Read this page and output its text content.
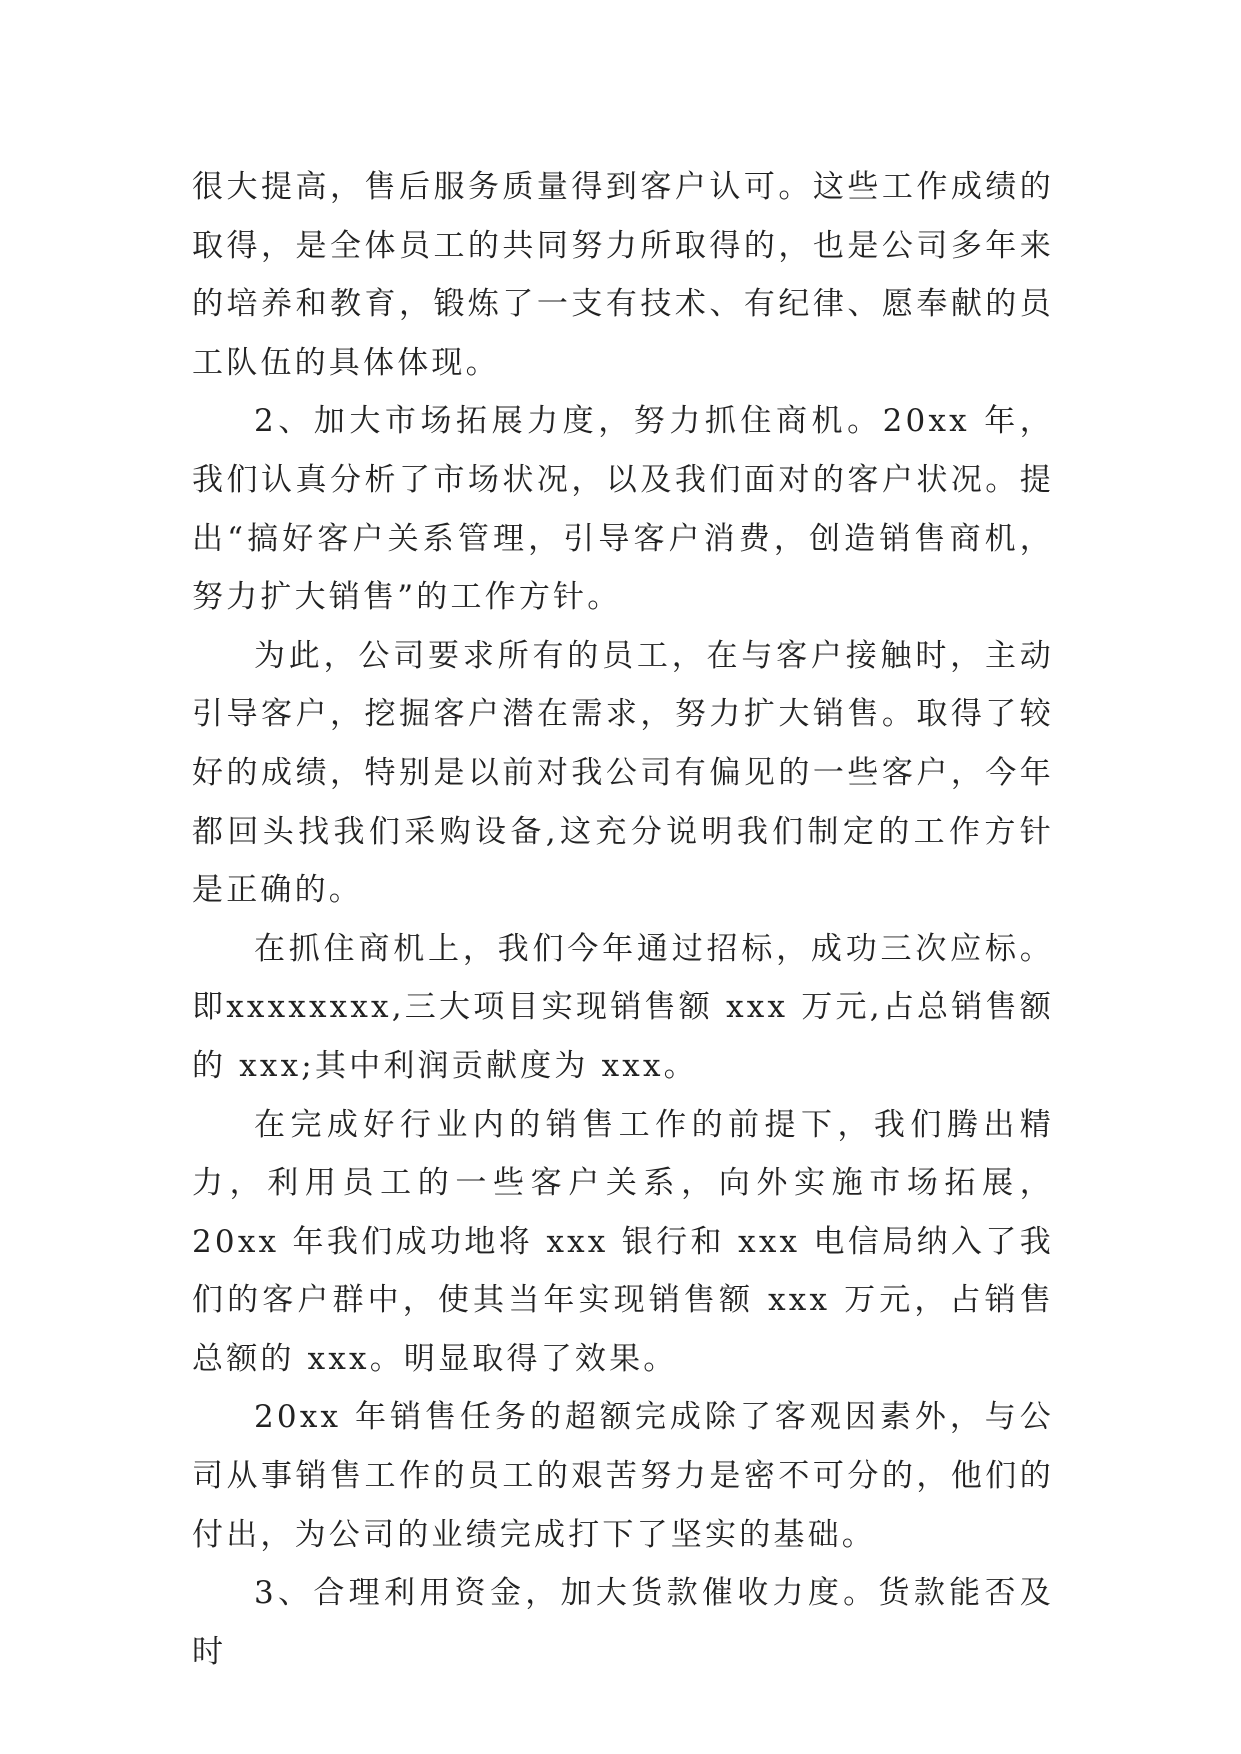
很大提高，售后服务质量得到客户认可。这些工作成绩的取得，是全体员工的共同努力所取得的，也是公司多年来的培养和教育，锻炼了一支有技术、有纪律、愿奉献的员工队伍的具体体现。

2、加大市场拓展力度，努力抓住商机。20xx 年，我们认真分析了市场状况，以及我们面对的客户状况。提出“搞好客户关系管理，引导客户消费，创造销售商机，努力扩大销售”的工作方针。

为此，公司要求所有的员工，在与客户接触时，主动引导客户，挖掘客户潜在需求，努力扩大销售。取得了较好的成绩，特别是以前对我公司有偏见的一些客户，今年都回头找我们采购设备,这充分说明我们制定的工作方针是正确的。

在抓住商机上，我们今年通过招标，成功三次应标。即xxxxxxxx,三大项目实现销售额 xxx 万元,占总销售额的 xxx;其中利润贡献度为 xxx。

在完成好行业内的销售工作的前提下，我们腾出精力，利用员工的一些客户关系，向外实施市场拓展，20xx 年我们成功地将 xxx 银行和 xxx 电信局纳入了我们的客户群中，使其当年实现销售额 xxx 万元，占销售总额的 xxx。明显取得了效果。

20xx 年销售任务的超额完成除了客观因素外，与公司从事销售工作的员工的艰苦努力是密不可分的，他们的付出，为公司的业绩完成打下了坚实的基础。

3、合理利用资金，加大货款催收力度。货款能否及时
